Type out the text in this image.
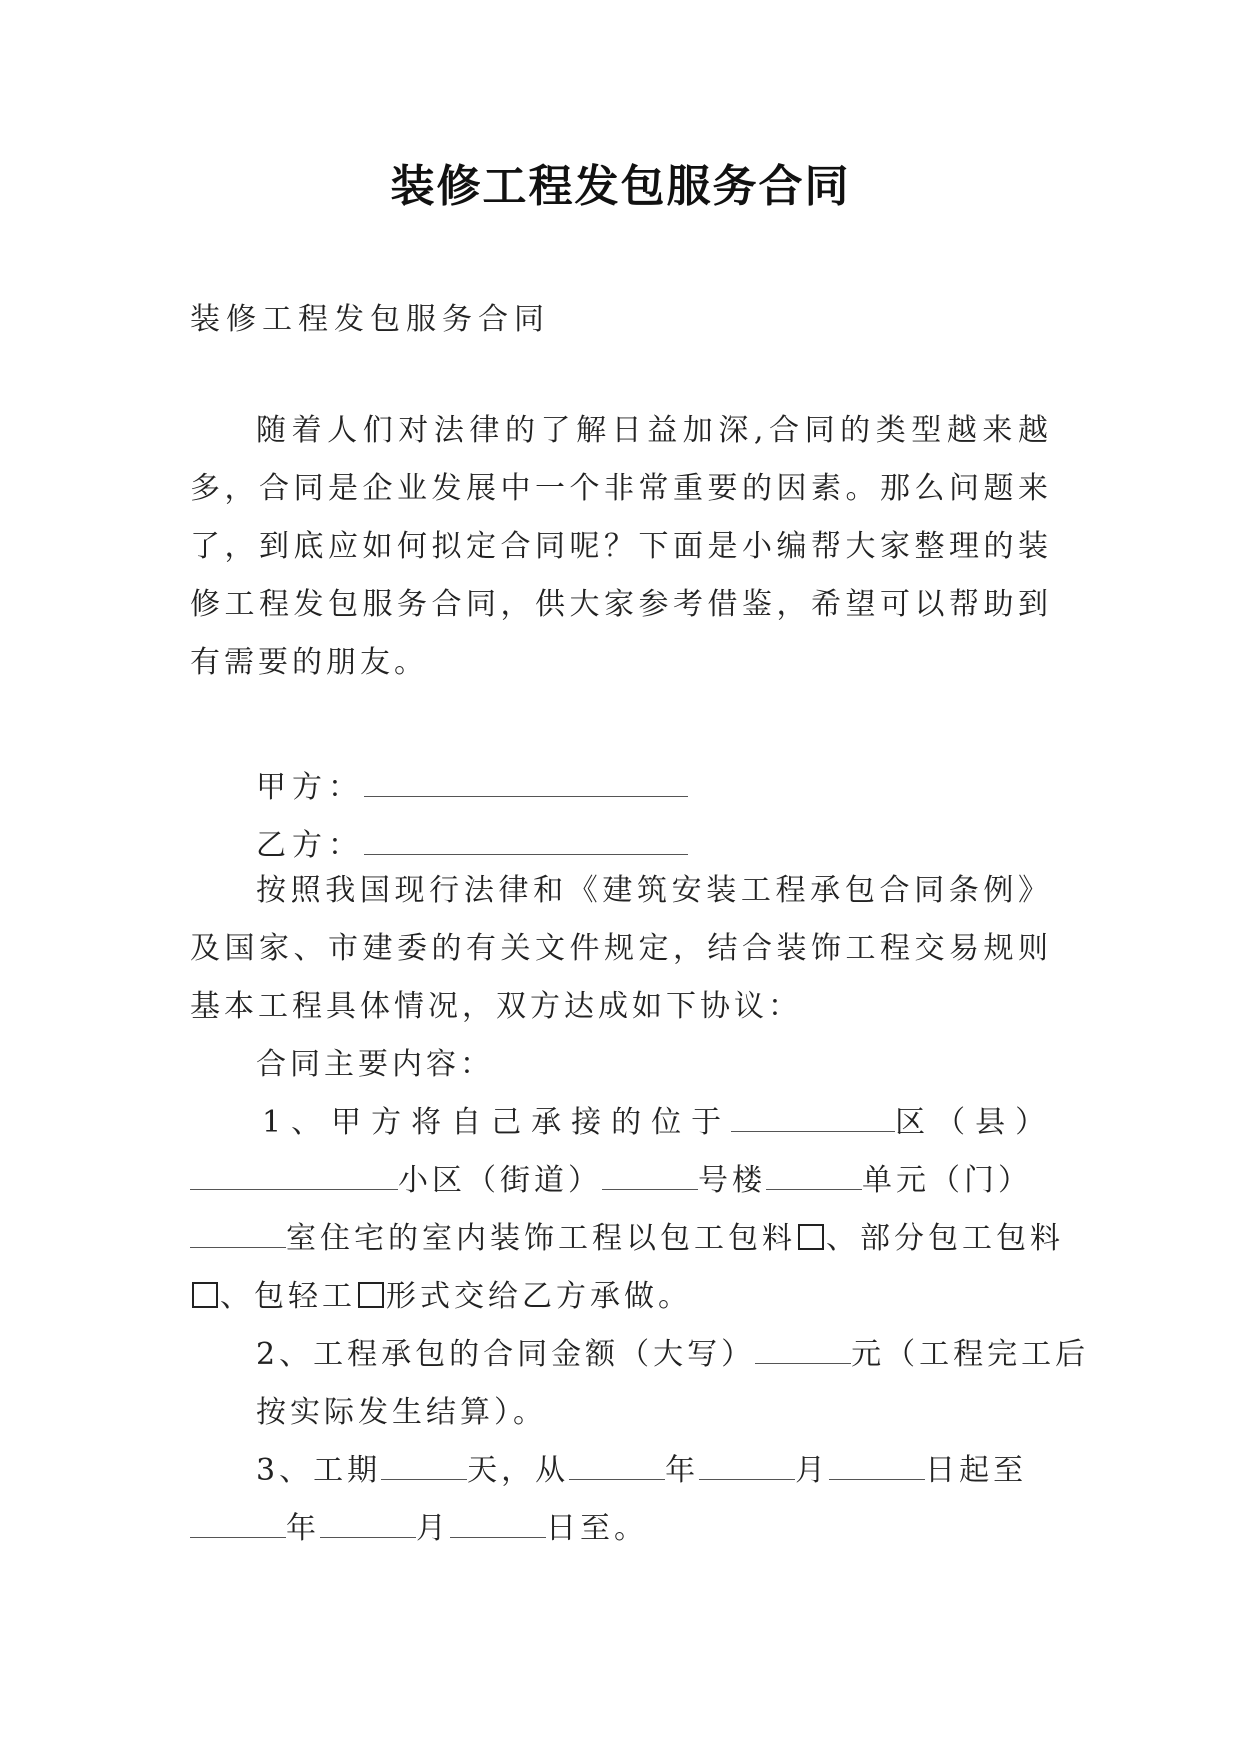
装修工程发包服务合同
装修工程发包服务合同
随着人们对法律的了解日益加深,合同的类型越来越多，合同是企业发展中一个非常重要的因素。那么问题来了，到底应如何拟定合同呢？下面是小编帮大家整理的装修工程发包服务合同，供大家参考借鉴，希望可以帮助到有需要的朋友。
甲方：
乙方：
按照我国现行法律和《建筑安装工程承包合同条例》及国家、市建委的有关文件规定，结合装饰工程交易规则基本工程具体情况，双方达成如下协议：
合同主要内容：
1、甲方将自己承接的位于	区（县）
小区（街道）	号楼	单元（门）
室住宅的室内装饰工程以包工包料 、部分包工包料
、包轻工 形式交给乙方承做。
2、工程承包的合同金额（大写）	元（工程完工后按实际发生结算）。
3、工期	天，从	年	月	日起至
年	月	日至。
